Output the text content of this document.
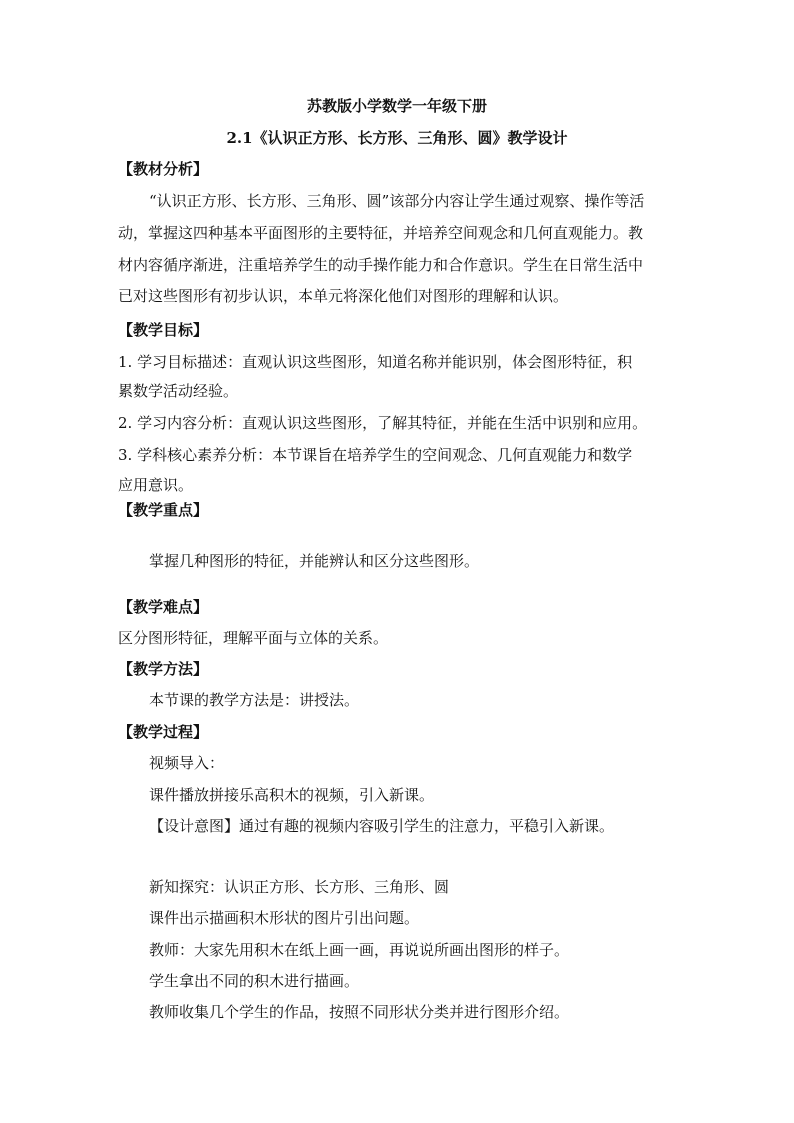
苏教版小学数学一年级下册
2.1《认识正方形、长方形、三角形、圆》教学设计
【教材分析】
“认识正方形、长方形、三角形、圆”该部分内容让学生通过观察、操作等活
动，掌握这四种基本平面图形的主要特征，并培养空间观念和几何直观能力。教
材内容循序渐进，注重培养学生的动手操作能力和合作意识。学生在日常生活中
已对这些图形有初步认识，本单元将深化他们对图形的理解和认识。
【教学目标】
1. 学习目标描述：直观认识这些图形，知道名称并能识别，体会图形特征，积
累数学活动经验。
2. 学习内容分析：直观认识这些图形，了解其特征，并能在生活中识别和应用。
3. 学科核心素养分析：本节课旨在培养学生的空间观念、几何直观能力和数学
应用意识。
【教学重点】
掌握几种图形的特征，并能辨认和区分这些图形。
【教学难点】
区分图形特征，理解平面与立体的关系。
【教学方法】
本节课的教学方法是：讲授法。
【教学过程】
视频导入：
课件播放拼接乐高积木的视频，引入新课。
【设计意图】通过有趣的视频内容吸引学生的注意力，平稳引入新课。
新知探究：认识正方形、长方形、三角形、圆
课件出示描画积木形状的图片引出问题。
教师：大家先用积木在纸上画一画，再说说所画出图形的样子。
学生拿出不同的积木进行描画。
教师收集几个学生的作品，按照不同形状分类并进行图形介绍。
